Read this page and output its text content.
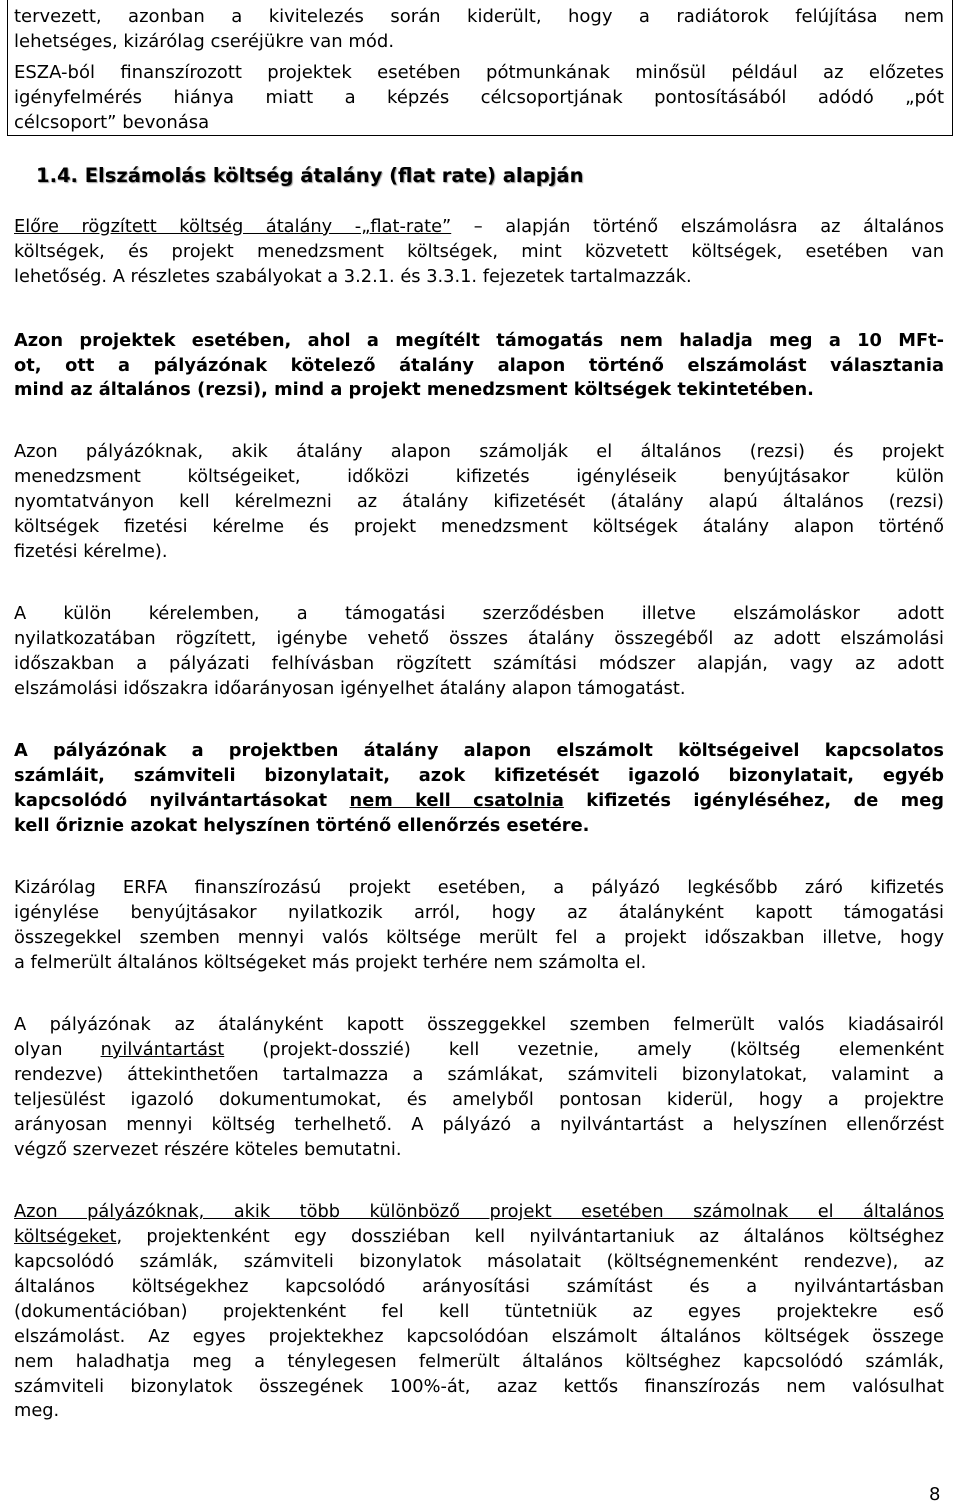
tervezett, azonban a kivitelezés során kiderült, hogy a radiátorok felújítása nem
lehetséges, kizárólag cseréjükre van mód.
ESZA-ból finanszírozott projektek esetében pótmunkának minősül például az előzetes
igényfelmérés hiánya miatt a képzés célcsoportjának pontosításából adódó „pót
célcsoport” bevonása
1.4. Elszámolás költség átalány (flat rate) alapján
Előre rögzített költség átalány -„flat-rate” – alapján történő elszámolásra az általános
költségek, és projekt menedzsment költségek, mint közvetett költségek, esetében van
lehetőség. A részletes szabályokat a 3.2.1. és 3.3.1. fejezetek tartalmazzák.
Azon projektek esetében, ahol a megítélt támogatás nem haladja meg a 10 MFt-
ot, ott a pályázónak kötelező átalány alapon történő elszámolást választania
mind az általános (rezsi), mind a projekt menedzsment költségek tekintetében.
Azon pályázóknak, akik átalány alapon számolják el általános (rezsi) és projekt
menedzsment költségeiket, időközi kifizetés igényléseik benyújtásakor külön
nyomtatványon kell kérelmezni az átalány kifizetését (átalány alapú általános (rezsi)
költségek fizetési kérelme és projekt menedzsment költségek átalány alapon történő
fizetési kérelme).
A külön kérelemben, a támogatási szerződésben illetve elszámoláskor adott
nyilatkozatában rögzített, igénybe vehető összes átalány összegéből az adott elszámolási
időszakban a pályázati felhívásban rögzített számítási módszer alapján, vagy az adott
elszámolási időszakra időarányosan igényelhet átalány alapon támogatást.
A pályázónak a projektben átalány alapon elszámolt költségeivel kapcsolatos
számláit, számviteli bizonylatait, azok kifizetését igazoló bizonylatait, egyéb
kapcsolódó nyilvántartásokat nem kell csatolnia kifizetés igényléséhez, de meg
kell őriznie azokat helyszínen történő ellenőrzés esetére.
Kizárólag ERFA finanszírozású projekt esetében, a pályázó legkésőbb záró kifizetés
igénylése benyújtásakor nyilatkozik arról, hogy az átalányként kapott támogatási
összegekkel szemben mennyi valós költsége merült fel a projekt időszakban illetve, hogy
a felmerült általános költségeket más projekt terhére nem számolta el.
A pályázónak az átalányként kapott összeggekkel szemben felmerült valós kiadásairól
olyan nyilvántartást (projekt-dosszié) kell vezetnie, amely (költség elemenként
rendezve) áttekinthetően tartalmazza a számlákat, számviteli bizonylatokat, valamint a
teljesülést igazoló dokumentumokat, és amelyből pontosan kiderül, hogy a projektre
arányosan mennyi költség terhelhető. A pályázó a nyilvántartást a helyszínen ellenőrzést
végző szervezet részére köteles bemutatni.
Azon pályázóknak, akik több különböző projekt esetében számolnak el általános
költségeket, projektenként egy dossziéban kell nyilvántartaniuk az általános költséghez
kapcsolódó számlák, számviteli bizonylatok másolatait (költségnemenként rendezve), az
általános költségekhez kapcsolódó arányosítási számítást és a nyilvántartásban
(dokumentációban) projektenként fel kell tüntetniük az egyes projektekre eső
elszámolást. Az egyes projektekhez kapcsolódóan elszámolt általános költségek összege
nem haladhatja meg a ténylegesen felmerült általános költséghez kapcsolódó számlák,
számviteli bizonylatok összegének 100%-át, azaz kettős finanszírozás nem valósulhat
meg.
8
